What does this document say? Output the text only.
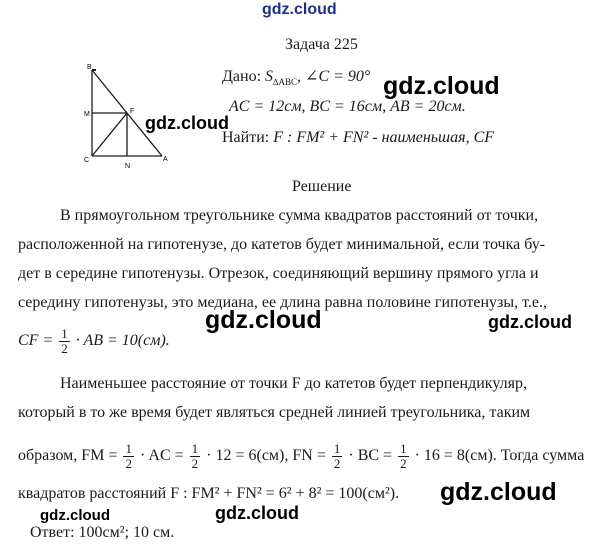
gdz.cloud
gdz.cloud
gdz.cloud
gdz.cloud	gdz.cloud
gdz.cloud
gdz.cloud	gdz.cloud
B
M	F
C
N
A
Задача 225
Дано: $S_{\Delta ABC}$, ∠C = 90°
AC = 12см, BC = 16см, AB = 20см.
Найти: F : FM² + FN² - наименьшая, CF
Решение
В прямоугольном треугольнике сумма квадратов расстояний от точки,
расположенной на гипотенузе, до катетов будет минимальной, если точка бу-
дет в середине гипотенузы. Отрезок, соединяющий вершину прямого угла и
середину гипотенузы, это медиана, ее длина равна половине гипотенузы, т.е.,
CF = $\frac{1}{2}$ · AB = 10(см).
Наименьшее расстояние от точки F до катетов будет перпендикуляр,
который в то же время будет являться средней линией треугольника, таким
образом, FM = $\frac{1}{2}$ · AC = $\frac{1}{2} \cdot 12 = 6(см)$, FN = $\frac{1}{2}$ · BC = $\frac{1}{2} \cdot 16 = 8(см)$. Тогда сумма
квадратов расстояний F : FM² + FN² = 6² + 8² = 100(см²).
Ответ: 100см²; 10 см.
